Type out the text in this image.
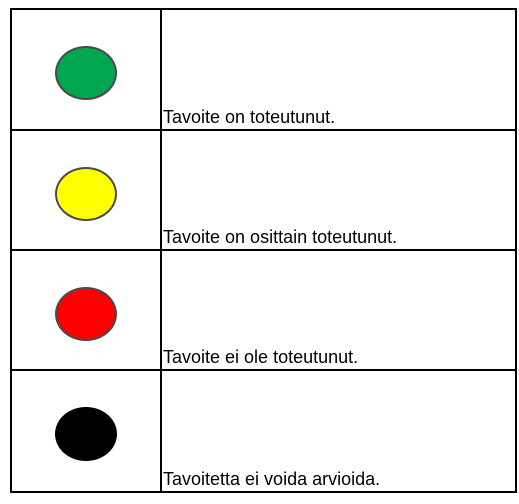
	Tavoite on toteutunut.

	Tavoite on osittain toteutunut.

	Tavoite ei ole toteutunut.

	Tavoitetta ei voida arvioida.
